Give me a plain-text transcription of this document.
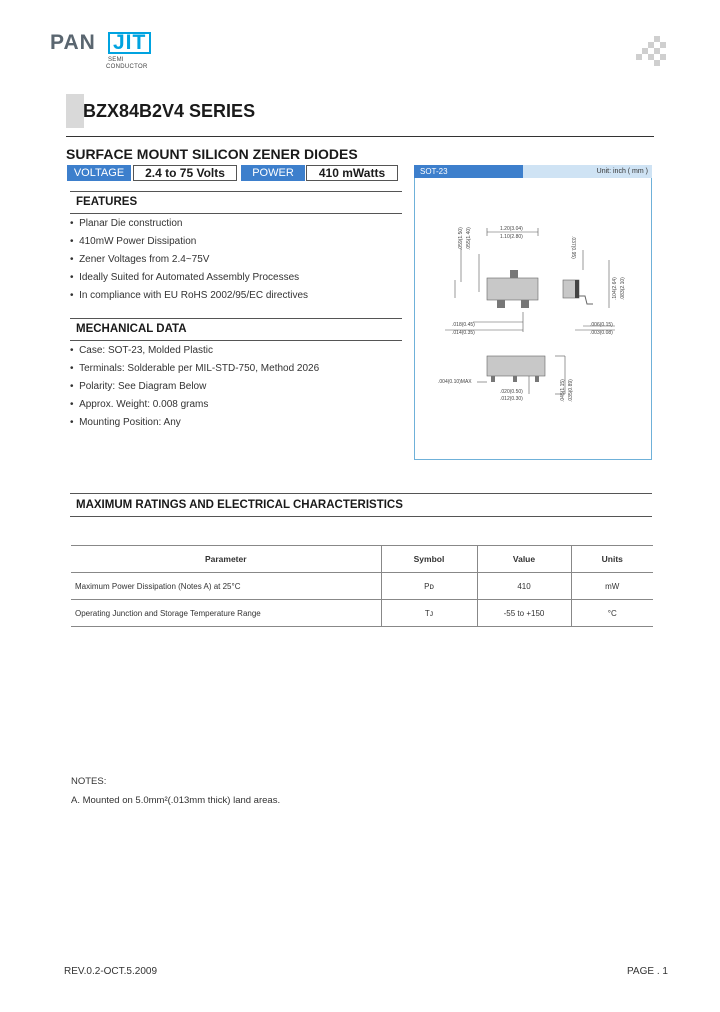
PAN JIT
SEMI
CONDUCTOR
BZX84B2V4 SERIES
SURFACE MOUNT SILICON ZENER DIODES
VOLTAGE	2.4 to 75 Volts	POWER	410 mWatts	SOT-23	Unit: inch ( mm )
1.20(3.04)
1.10(2.80)	.037(0.95)
.059(1.50) .055(1.40)
.104(2.64) .083(2.10)
.018(0.45)
.014(0.35)
.006(0.15)
.003(0.08)
.020(0.50)
.012(0.30)
.004(0.10)MAX	.045(1.15) .035(0.89)
FEATURES
•  Planar Die construction
•  410mW Power Dissipation
•  Zener Voltages from 2.4~75V
•  Ideally Suited for Automated Assembly Processes
•  In compliance with EU RoHS 2002/95/EC directives
MECHANICAL DATA
•  Case: SOT-23, Molded Plastic
•  Terminals: Solderable per MIL-STD-750, Method 2026
•  Polarity: See Diagram Below
•  Approx. Weight: 0.008 grams
•  Mounting Position: Any
MAXIMUM RATINGS AND ELECTRICAL CHARACTERISTICS
Parameter	Symbol	Value	Units
Maximum Power Dissipation (Notes A) at 25°C	Pᴅ	410	mW
Operating Junction and Storage Temperature Range	Tᴊ	-55 to +150	°C
NOTES:
A. Mounted on 5.0mm²(.013mm thick) land areas.
REV.0.2-OCT.5.2009	PAGE . 1
